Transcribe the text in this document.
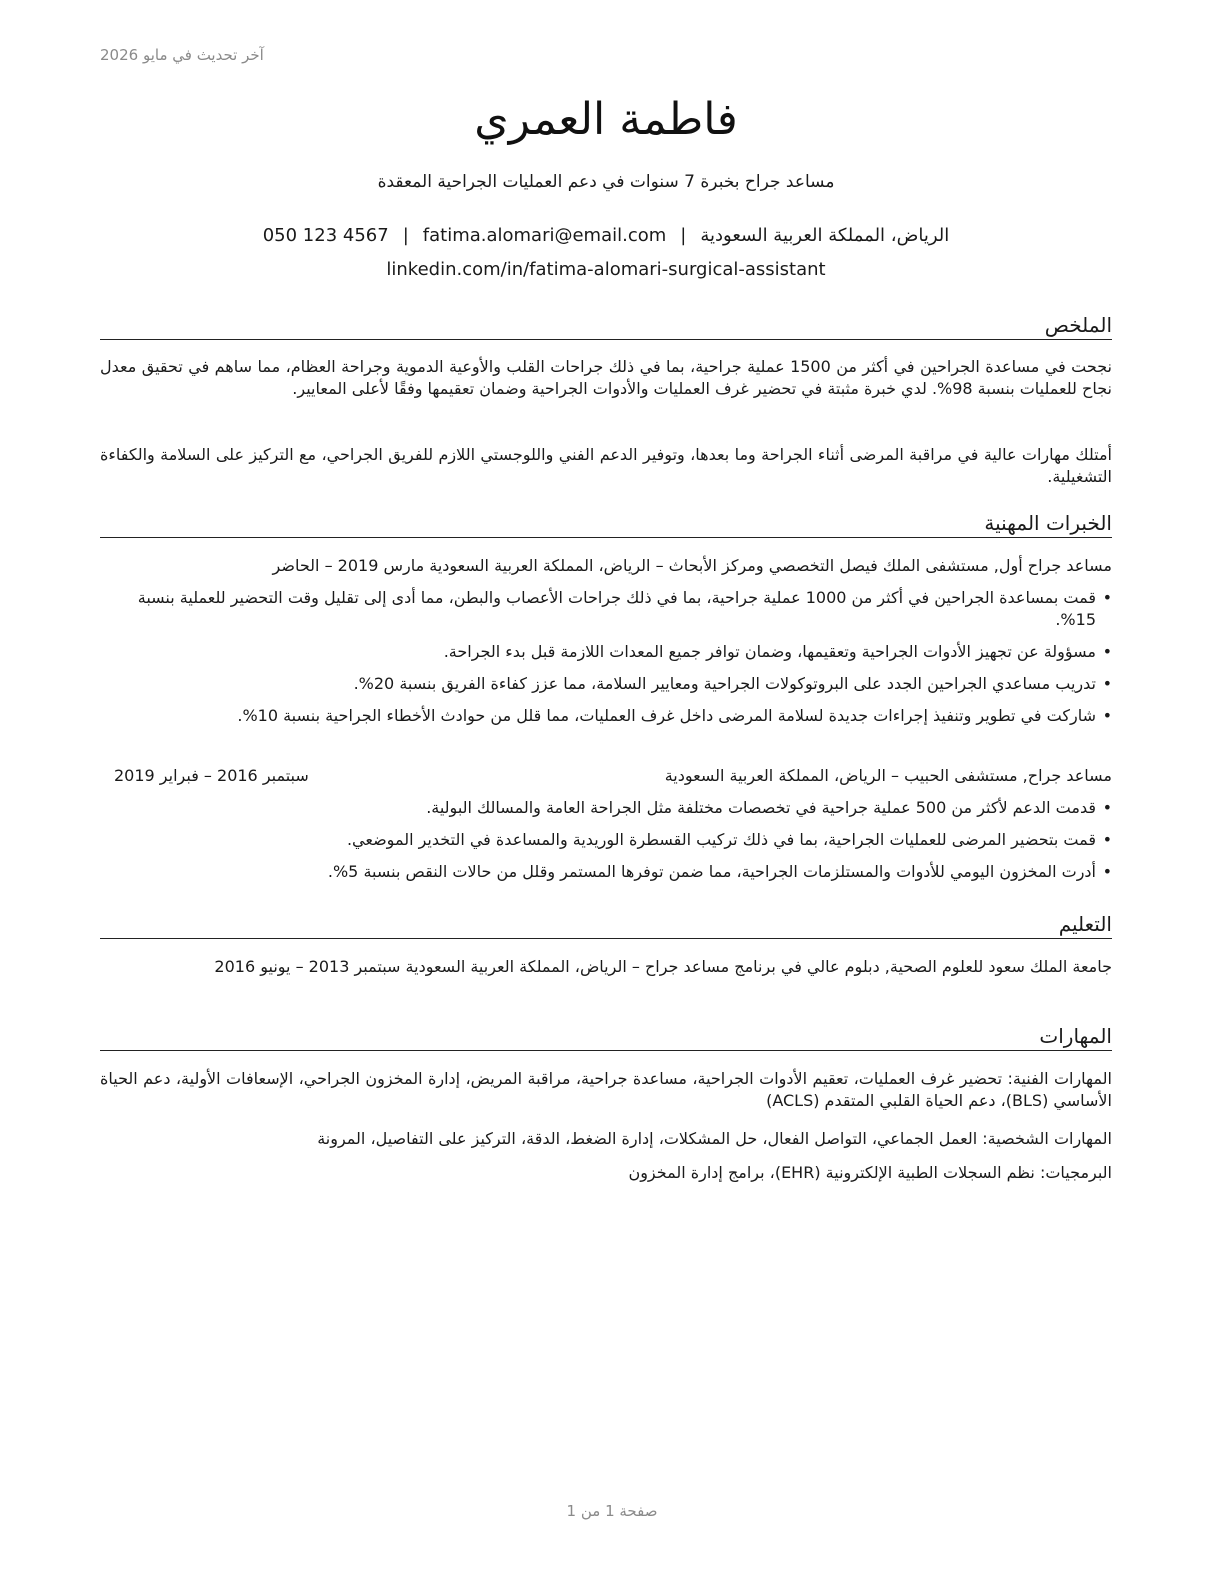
آخر تحديث في مايو 2026
فاطمة العمري
مساعد جراح بخبرة 7 سنوات في دعم العمليات الجراحية المعقدة
الرياض، المملكة العربية السعودية|fatima.alomari@email.com|050 123 4567
linkedin.com/in/fatima-alomari-surgical-assistant
الملخص
نجحت في مساعدة الجراحين في أكثر من 1500 عملية جراحية، بما في ذلك جراحات القلب والأوعية الدموية وجراحة العظام، مما ساهم في تحقيق معدل نجاح للعمليات بنسبة 98%. لدي خبرة مثبتة في تحضير غرف العمليات والأدوات الجراحية وضمان تعقيمها وفقًا لأعلى المعايير.
أمتلك مهارات عالية في مراقبة المرضى أثناء الجراحة وما بعدها، وتوفير الدعم الفني واللوجستي اللازم للفريق الجراحي، مع التركيز على السلامة والكفاءة التشغيلية.
الخبرات المهنية
مساعد جراح أول, مستشفى الملك فيصل التخصصي ومركز الأبحاث – الرياض، المملكة العربية السعودية مارس 2019 – الحاضر
• قمت بمساعدة الجراحين في أكثر من 1000 عملية جراحية، بما في ذلك جراحات الأعصاب والبطن، مما أدى إلى تقليل وقت التحضير للعملية بنسبة 15%.
• مسؤولة عن تجهيز الأدوات الجراحية وتعقيمها، وضمان توافر جميع المعدات اللازمة قبل بدء الجراحة.
• تدريب مساعدي الجراحين الجدد على البروتوكولات الجراحية ومعايير السلامة، مما عزز كفاءة الفريق بنسبة 20%.
• شاركت في تطوير وتنفيذ إجراءات جديدة لسلامة المرضى داخل غرف العمليات، مما قلل من حوادث الأخطاء الجراحية بنسبة 10%.
مساعد جراح, مستشفى الحبيب – الرياض، المملكة العربية السعودية
سبتمبر 2016 – فبراير 2019
• قدمت الدعم لأكثر من 500 عملية جراحية في تخصصات مختلفة مثل الجراحة العامة والمسالك البولية.
• قمت بتحضير المرضى للعمليات الجراحية، بما في ذلك تركيب القسطرة الوريدية والمساعدة في التخدير الموضعي.
• أدرت المخزون اليومي للأدوات والمستلزمات الجراحية، مما ضمن توفرها المستمر وقلل من حالات النقص بنسبة 5%.
التعليم
جامعة الملك سعود للعلوم الصحية, دبلوم عالي في برنامج مساعد جراح – الرياض، المملكة العربية السعودية سبتمبر 2013 – يونيو 2016
المهارات
المهارات الفنية: تحضير غرف العمليات، تعقيم الأدوات الجراحية، مساعدة جراحية، مراقبة المريض، إدارة المخزون الجراحي، الإسعافات الأولية، دعم الحياة الأساسي (BLS)، دعم الحياة القلبي المتقدم (ACLS)
المهارات الشخصية: العمل الجماعي، التواصل الفعال، حل المشكلات، إدارة الضغط، الدقة، التركيز على التفاصيل، المرونة
البرمجيات: نظم السجلات الطبية الإلكترونية (EHR)، برامج إدارة المخزون
صفحة 1 من 1
